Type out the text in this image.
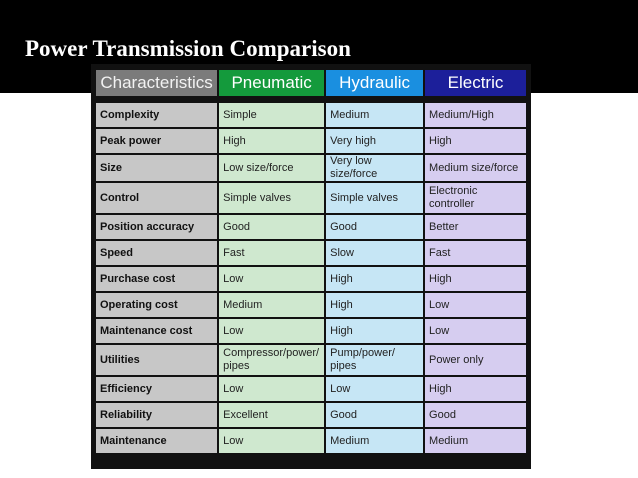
Power Transmission Comparison
Characteristics	Pneumatic	Hydraulic	Electric

Complexity	Simple	Medium	Medium/High
Peak power	High	Very high	High
Size	Low size/force	Very low size/force	Medium size/force
Control	Simple valves	Simple valves	Electronic controller
Position accuracy	Good	Good	Better
Speed	Fast	Slow	Fast
Purchase cost	Low	High	High
Operating cost	Medium	High	Low
Maintenance cost	Low	High	Low
Utilities	Compressor/power/ pipes	Pump/power/ pipes	Power only
Efficiency	Low	Low	High
Reliability	Excellent	Good	Good
Maintenance	Low	Medium	Medium
